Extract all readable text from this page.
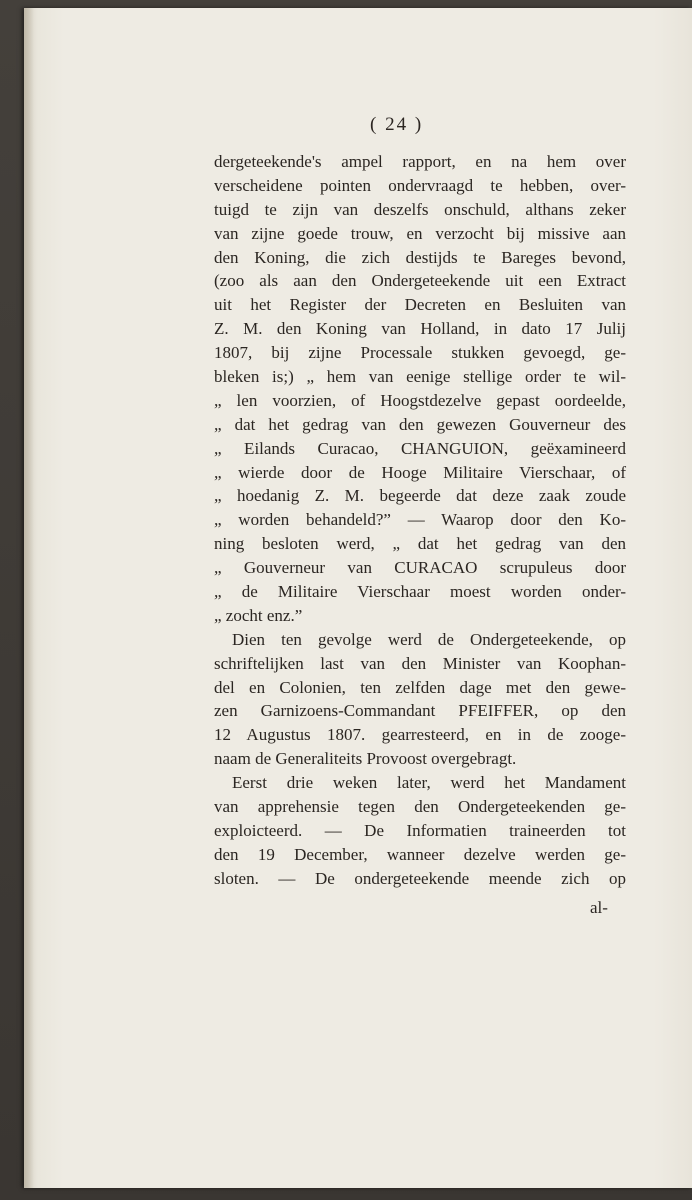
( 24 )
dergeteekende's ampel rapport, en na hem over
verscheidene pointen ondervraagd te hebben, over-
tuigd te zijn van deszelfs onschuld, althans zeker
van zijne goede trouw, en verzocht bij missive aan
den Koning, die zich destijds te Bareges bevond,
(zoo als aan den Ondergeteekende uit een Extract
uit het Register der Decreten en Besluiten van
Z. M. den Koning van Holland, in dato 17 Julij
1807, bij zijne Processale stukken gevoegd, ge-
bleken is;) „ hem van eenige stellige order te wil-
„ len voorzien, of Hoogstdezelve gepast oordeelde,
„ dat het gedrag van den gewezen Gouverneur des
„ Eilands Curacao, CHANGUION, geëxamineerd
„ wierde door de Hooge Militaire Vierschaar, of
„ hoedanig Z. M. begeerde dat deze zaak zoude
„ worden behandeld?” — Waarop door den Ko-
ning besloten werd, „ dat het gedrag van den
„ Gouverneur van CURACAO scrupuleus door
„ de Militaire Vierschaar moest worden onder-
„ zocht enz.”
Dien ten gevolge werd de Ondergeteekende, op
schriftelijken last van den Minister van Koophan-
del en Colonien, ten zelfden dage met den gewe-
zen Garnizoens-Commandant PFEIFFER, op den
12 Augustus 1807. gearresteerd, en in de zooge-
naam de Generaliteits Provoost overgebragt.
Eerst drie weken later, werd het Mandament
van apprehensie tegen den Ondergeteekenden ge-
exploicteerd. — De Informatien traineerden tot
den 19 December, wanneer dezelve werden ge-
sloten. — De ondergeteekende meende zich op
al-
